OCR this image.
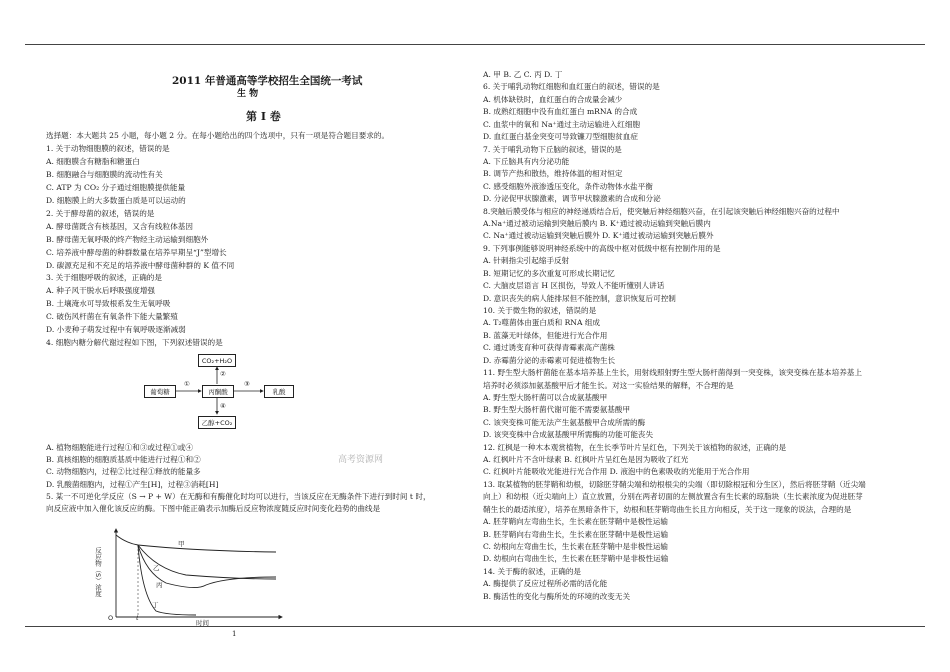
2011 年普通高等学校招生全国统一考试
生 物
第 I 卷
选择题：本大题共 25 小题，每小题 2 分。在每小题给出的四个选项中，只有一项是符合题目要求的。
1. 关于动物细胞膜的叙述，错误的是
A. 细胞膜含有糖脂和糖蛋白
B. 细胞融合与细胞膜的流动性有关
C. ATP 为 CO₂ 分子通过细胞膜提供能量
D. 细胞膜上的大多数蛋白质是可以运动的
2. 关于酵母菌的叙述，错误的是
A. 酵母菌既含有核基因，又含有线粒体基因
B. 酵母菌无氧呼吸的终产物经主动运输到细胞外
C. 培养液中酵母菌的种群数量在培养早期呈“J”型增长
D. 碳源充足和不充足的培养液中酵母菌种群的 K 值不同
3. 关于细胞呼吸的叙述，正确的是
A. 种子风干脱水后呼吸强度增强
B. 土壤淹水可导致根系发生无氧呼吸
C. 破伤风杆菌在有氧条件下能大量繁殖
D. 小麦种子萌发过程中有氧呼吸逐渐减弱
4. 细胞内糖分解代谢过程如下图，下列叙述错误的是
CO₂+H₂O
葡萄糖	丙酮酸	乳酸
乙醇+CO₂
①
②
③
④
高考资源网
A. 植物细胞能进行过程①和③或过程①或④
B. 真核细胞的细胞质基质中能进行过程①和②
C. 动物细胞内，过程②比过程①释放的能量多
D. 乳酸菌细胞内，过程①产生[H]，过程③消耗[H]
5. 某一不可逆化学反应（S → P + W）在无酶和有酶催化时均可以进行，当该反应在无酶条件下进行到时间 t 时，
向反应液中加入催化该反应的酶。下图中能正确表示加酶后反应物浓度随反应时间变化趋势的曲线是
反应物（S）浓度
时间
O	t
甲
乙
丙
丁
1
A. 甲 B. 乙 C. 丙 D. 丁
6. 关于哺乳动物红细胞和血红蛋白的叙述，错误的是
A. 机体缺铁时，血红蛋白的合成量会减少
B. 成熟红细胞中没有血红蛋白 mRNA 的合成
C. 血浆中的氧和 Na⁺通过主动运输进入红细胞
D. 血红蛋白基金突变可导致镰刀型细胞贫血症
7. 关于哺乳动物下丘脑的叙述，错误的是
A. 下丘脑具有内分泌功能
B. 调节产热和散热，维持体温的相对恒定
C. 感受细胞外液渗透压变化，条件动物体水盐平衡
D. 分泌促甲状腺激素，调节甲状腺激素的合成和分泌
8.突触后膜受体与相应的神经递质结合后，使突触后神经细胞兴奋，在引起该突触后神经细胞兴奋的过程中
A.Na⁺通过被动运输到突触后膜内 B. K⁺通过被动运输到突触后膜内
C. Na⁺通过被动运输到突触后膜外 D. K⁺通过被动运输到突触后膜外
9. 下列事例能够说明神经系统中的高级中枢对低级中枢有控制作用的是
A. 针刺指尖引起缩手反射
B. 短期记忆的多次重复可形成长期记忆
C. 大脑皮层语言 H 区损伤，导致人不能听懂别人讲话
D. 意识丧失的病人能排尿但不能控制，意识恢复后可控制
10. 关于微生物的叙述，错误的是
A. T₂噬菌体由蛋白质和 RNA 组成
B. 蓝藻无叶绿体，但能进行光合作用
C. 通过诱变育种可获得青霉素高产菌株
D. 赤霉菌分泌的赤霉素可促进植物生长
11. 野生型大肠杆菌能在基本培养基上生长，用射线照射野生型大肠杆菌得到一突变株，该突变株在基本培养基上
培养时必须添加氨基酸甲后才能生长。对这一实验结果的解释，不合理的是
A. 野生型大肠杆菌可以合成氨基酸甲
B. 野生型大肠杆菌代谢可能不需要氨基酸甲
C. 该突变株可能无法产生氨基酸甲合成所需的酶
D. 该突变株中合成氨基酸甲所需酶的功能可能丧失
12. 红枫是一种木本观赏植物，在生长季节叶片呈红色，下列关于该植物的叙述，正确的是
A. 红枫叶片不含叶绿素 B. 红枫叶片呈红色是因为吸收了红光
C. 红枫叶片能吸收光能进行光合作用 D. 液泡中的色素吸收的光能用于光合作用
13. 取某植物的胚芽鞘和幼根，切除胚芽鞘尖端和幼根根尖的尖端（即切除根冠和分生区），然后将胚芽鞘（近尖端
向上）和幼根（近尖端向上）直立放置，分别在两者切面的左侧放置含有生长素的琼脂块（生长素浓度为促进胚芽
鞘生长的最适浓度），培养在黑暗条件下，幼根和胚芽鞘弯曲生长且方向相反，关于这一现象的说法，合理的是
A. 胚芽鞘向左弯曲生长，生长素在胚芽鞘中是极性运输
B. 胚芽鞘向右弯曲生长，生长素在胚芽鞘中是极性运输
C. 幼根向左弯曲生长，生长素在胚芽鞘中是非极性运输
D. 幼根向右弯曲生长，生长素在胚芽鞘中是非极性运输
14. 关于酶的叙述，正确的是
A. 酶提供了反应过程所必需的活化能
B. 酶活性的变化与酶所处的环境的改变无关
